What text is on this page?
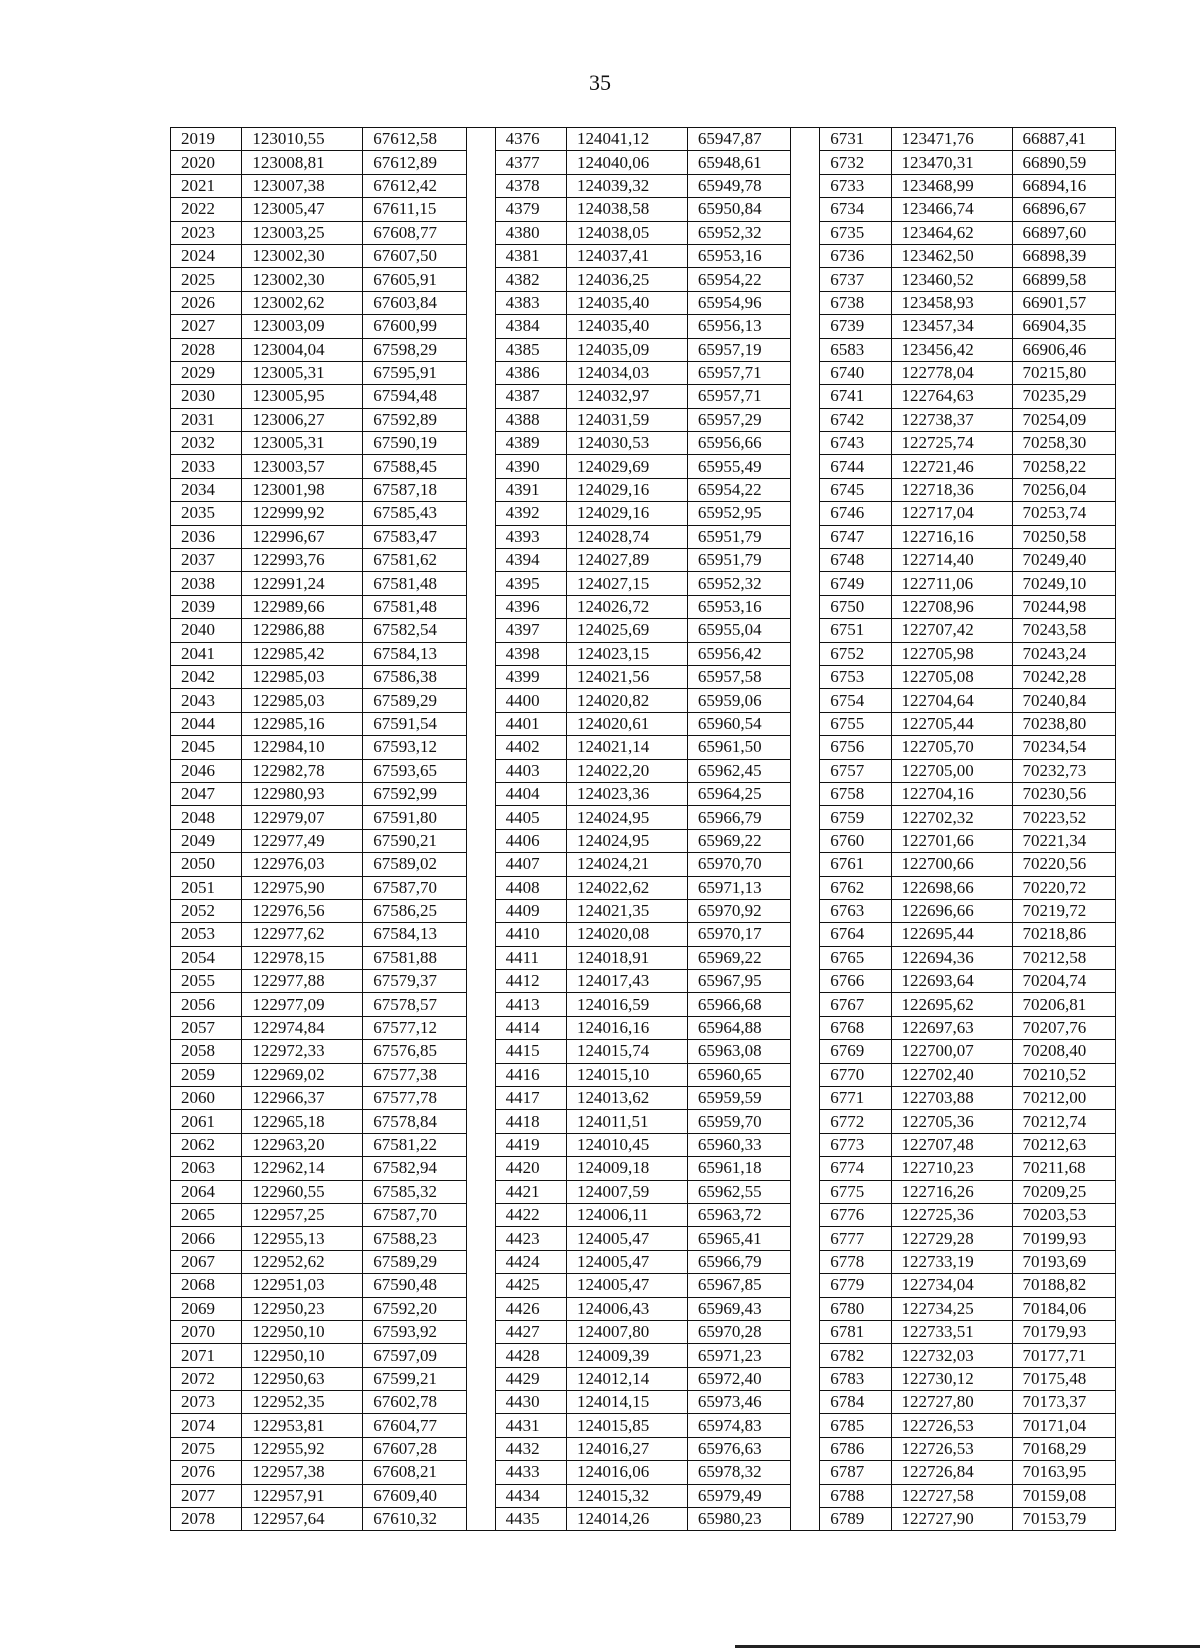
35
2019	123010,55	67612,58		4376	124041,12	65947,87		6731	123471,76	66887,41
2020	123008,81	67612,89		4377	124040,06	65948,61		6732	123470,31	66890,59
2021	123007,38	67612,42		4378	124039,32	65949,78		6733	123468,99	66894,16
2022	123005,47	67611,15		4379	124038,58	65950,84		6734	123466,74	66896,67
2023	123003,25	67608,77		4380	124038,05	65952,32		6735	123464,62	66897,60
2024	123002,30	67607,50		4381	124037,41	65953,16		6736	123462,50	66898,39
2025	123002,30	67605,91		4382	124036,25	65954,22		6737	123460,52	66899,58
2026	123002,62	67603,84		4383	124035,40	65954,96		6738	123458,93	66901,57
2027	123003,09	67600,99		4384	124035,40	65956,13		6739	123457,34	66904,35
2028	123004,04	67598,29		4385	124035,09	65957,19		6583	123456,42	66906,46
2029	123005,31	67595,91		4386	124034,03	65957,71		6740	122778,04	70215,80
2030	123005,95	67594,48		4387	124032,97	65957,71		6741	122764,63	70235,29
2031	123006,27	67592,89		4388	124031,59	65957,29		6742	122738,37	70254,09
2032	123005,31	67590,19		4389	124030,53	65956,66		6743	122725,74	70258,30
2033	123003,57	67588,45		4390	124029,69	65955,49		6744	122721,46	70258,22
2034	123001,98	67587,18		4391	124029,16	65954,22		6745	122718,36	70256,04
2035	122999,92	67585,43		4392	124029,16	65952,95		6746	122717,04	70253,74
2036	122996,67	67583,47		4393	124028,74	65951,79		6747	122716,16	70250,58
2037	122993,76	67581,62		4394	124027,89	65951,79		6748	122714,40	70249,40
2038	122991,24	67581,48		4395	124027,15	65952,32		6749	122711,06	70249,10
2039	122989,66	67581,48		4396	124026,72	65953,16		6750	122708,96	70244,98
2040	122986,88	67582,54		4397	124025,69	65955,04		6751	122707,42	70243,58
2041	122985,42	67584,13		4398	124023,15	65956,42		6752	122705,98	70243,24
2042	122985,03	67586,38		4399	124021,56	65957,58		6753	122705,08	70242,28
2043	122985,03	67589,29		4400	124020,82	65959,06		6754	122704,64	70240,84
2044	122985,16	67591,54		4401	124020,61	65960,54		6755	122705,44	70238,80
2045	122984,10	67593,12		4402	124021,14	65961,50		6756	122705,70	70234,54
2046	122982,78	67593,65		4403	124022,20	65962,45		6757	122705,00	70232,73
2047	122980,93	67592,99		4404	124023,36	65964,25		6758	122704,16	70230,56
2048	122979,07	67591,80		4405	124024,95	65966,79		6759	122702,32	70223,52
2049	122977,49	67590,21		4406	124024,95	65969,22		6760	122701,66	70221,34
2050	122976,03	67589,02		4407	124024,21	65970,70		6761	122700,66	70220,56
2051	122975,90	67587,70		4408	124022,62	65971,13		6762	122698,66	70220,72
2052	122976,56	67586,25		4409	124021,35	65970,92		6763	122696,66	70219,72
2053	122977,62	67584,13		4410	124020,08	65970,17		6764	122695,44	70218,86
2054	122978,15	67581,88		4411	124018,91	65969,22		6765	122694,36	70212,58
2055	122977,88	67579,37		4412	124017,43	65967,95		6766	122693,64	70204,74
2056	122977,09	67578,57		4413	124016,59	65966,68		6767	122695,62	70206,81
2057	122974,84	67577,12		4414	124016,16	65964,88		6768	122697,63	70207,76
2058	122972,33	67576,85		4415	124015,74	65963,08		6769	122700,07	70208,40
2059	122969,02	67577,38		4416	124015,10	65960,65		6770	122702,40	70210,52
2060	122966,37	67577,78		4417	124013,62	65959,59		6771	122703,88	70212,00
2061	122965,18	67578,84		4418	124011,51	65959,70		6772	122705,36	70212,74
2062	122963,20	67581,22		4419	124010,45	65960,33		6773	122707,48	70212,63
2063	122962,14	67582,94		4420	124009,18	65961,18		6774	122710,23	70211,68
2064	122960,55	67585,32		4421	124007,59	65962,55		6775	122716,26	70209,25
2065	122957,25	67587,70		4422	124006,11	65963,72		6776	122725,36	70203,53
2066	122955,13	67588,23		4423	124005,47	65965,41		6777	122729,28	70199,93
2067	122952,62	67589,29		4424	124005,47	65966,79		6778	122733,19	70193,69
2068	122951,03	67590,48		4425	124005,47	65967,85		6779	122734,04	70188,82
2069	122950,23	67592,20		4426	124006,43	65969,43		6780	122734,25	70184,06
2070	122950,10	67593,92		4427	124007,80	65970,28		6781	122733,51	70179,93
2071	122950,10	67597,09		4428	124009,39	65971,23		6782	122732,03	70177,71
2072	122950,63	67599,21		4429	124012,14	65972,40		6783	122730,12	70175,48
2073	122952,35	67602,78		4430	124014,15	65973,46		6784	122727,80	70173,37
2074	122953,81	67604,77		4431	124015,85	65974,83		6785	122726,53	70171,04
2075	122955,92	67607,28		4432	124016,27	65976,63		6786	122726,53	70168,29
2076	122957,38	67608,21		4433	124016,06	65978,32		6787	122726,84	70163,95
2077	122957,91	67609,40		4434	124015,32	65979,49		6788	122727,58	70159,08
2078	122957,64	67610,32		4435	124014,26	65980,23		6789	122727,90	70153,79
